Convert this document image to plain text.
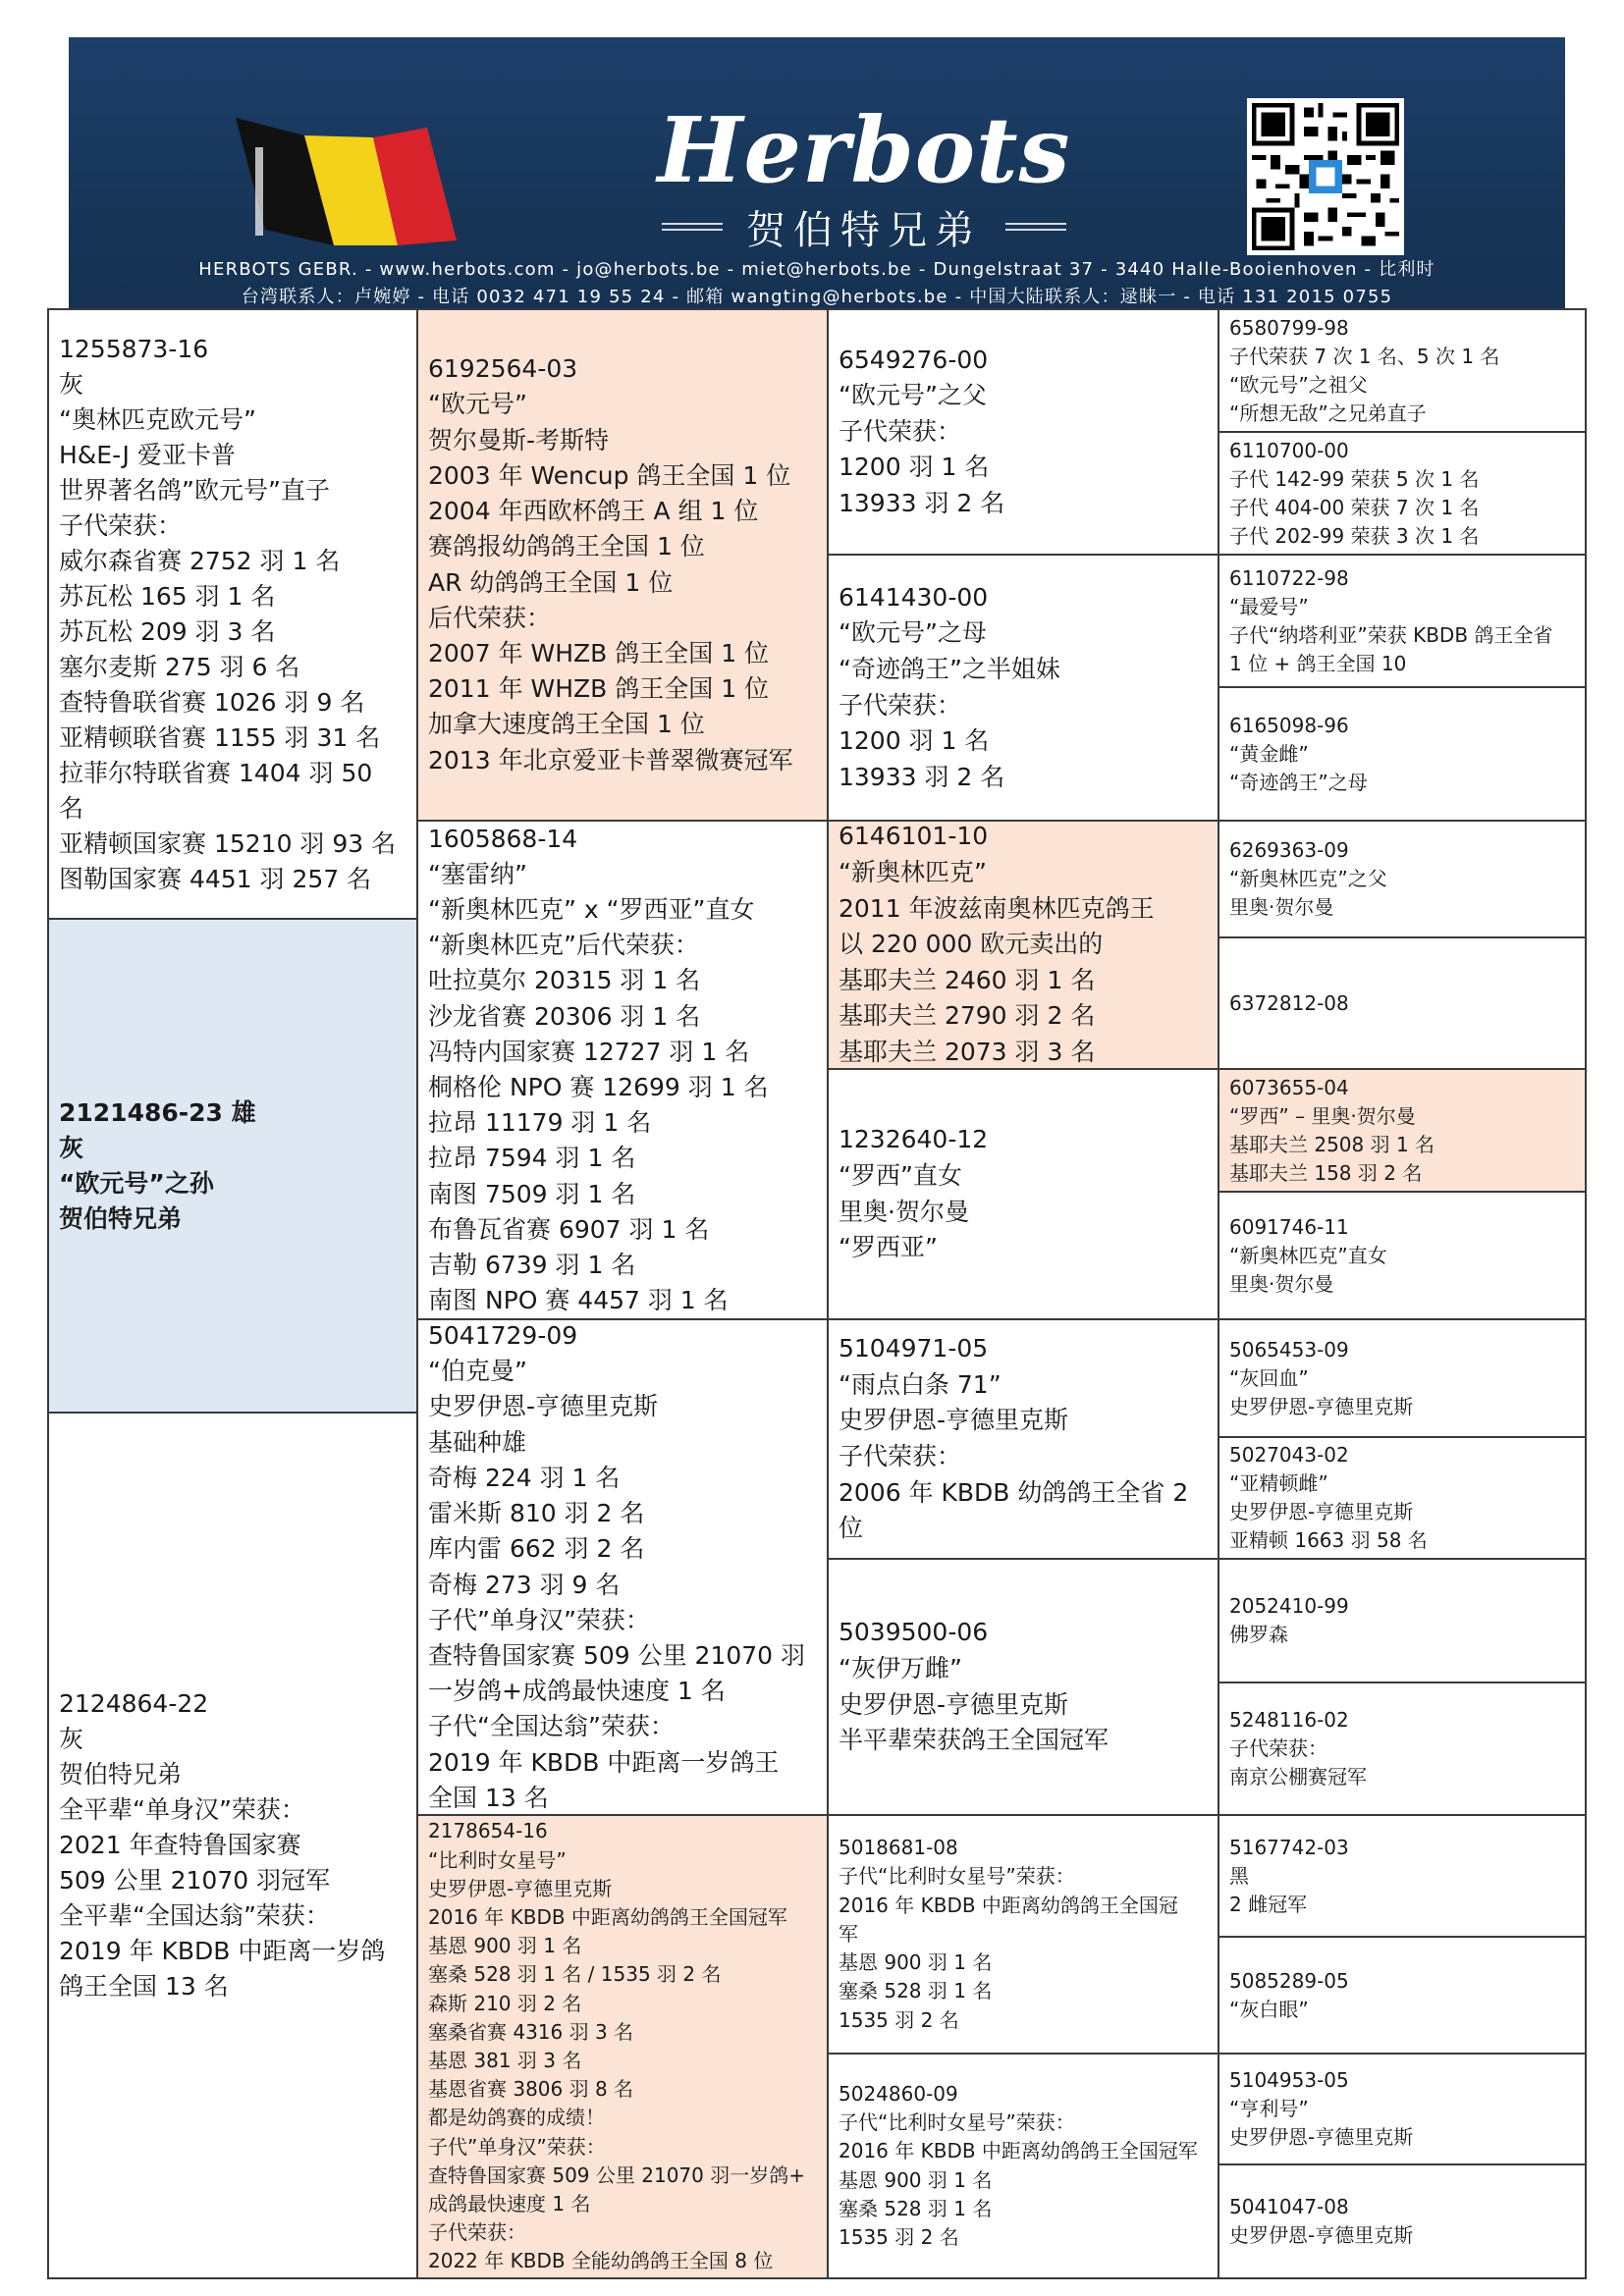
Herbots
贺伯特兄弟
HERBOTS GEBR. - www.herbots.com - jo@herbots.be - miet@herbots.be - Dungelstraat 37 - 3440 Halle-Booienhoven - 比利时
台湾联系人：卢婉婷 - 电话 0032 471 19 55 24 - 邮箱 wangting@herbots.be - 中国大陆联系人：逯睐一 - 电话 131 2015 0755
1255873-16
灰
“奥林匹克欧元号”
H&E-J 爱亚卡普
世界著名鸽”欧元号”直子
子代荣获：
威尔森省赛 2752 羽 1 名
苏瓦松 165 羽 1 名
苏瓦松 209 羽 3 名
塞尔麦斯 275 羽 6 名
查特鲁联省赛 1026 羽 9 名
亚精顿联省赛 1155 羽 31 名
拉菲尔特联省赛 1404 羽 50
名
亚精顿国家赛 15210 羽 93 名
图勒国家赛 4451 羽 257 名
2121486-23 雄
灰
“欧元号”之孙
贺伯特兄弟
2124864-22
灰
贺伯特兄弟
全平辈“单身汉”荣获：
2021 年查特鲁国家赛
509 公里 21070 羽冠军
全平辈“全国达翁”荣获：
2019 年 KBDB 中距离一岁鸽
鸽王全国 13 名
6192564-03
“欧元号”
贺尔曼斯-考斯特
2003 年 Wencup 鸽王全国 1 位
2004 年西欧杯鸽王 A 组 1 位
赛鸽报幼鸽鸽王全国 1 位
AR 幼鸽鸽王全国 1 位
后代荣获：
2007 年 WHZB 鸽王全国 1 位
2011 年 WHZB 鸽王全国 1 位
加拿大速度鸽王全国 1 位
2013 年北京爱亚卡普翠微赛冠军
1605868-14
“塞雷纳”
“新奥林匹克” x “罗西亚”直女
“新奥林匹克”后代荣获：
吐拉莫尔 20315 羽 1 名
沙龙省赛 20306 羽 1 名
冯特内国家赛 12727 羽 1 名
桐格伦 NPO 赛 12699 羽 1 名
拉昂 11179 羽 1 名
拉昂 7594 羽 1 名
南图 7509 羽 1 名
布鲁瓦省赛 6907 羽 1 名
吉勒 6739 羽 1 名
南图 NPO 赛 4457 羽 1 名
5041729-09
“伯克曼”
史罗伊恩-亨德里克斯
基础种雄
奇梅 224 羽 1 名
雷米斯 810 羽 2 名
库内雷 662 羽 2 名
奇梅 273 羽 9 名
子代”单身汉”荣获：
查特鲁国家赛 509 公里 21070 羽
一岁鸽+成鸽最快速度 1 名
子代“全国达翁”荣获：
2019 年 KBDB 中距离一岁鸽王
全国 13 名
2178654-16
“比利时女星号”
史罗伊恩-亨德里克斯
2016 年 KBDB 中距离幼鸽鸽王全国冠军
基恩 900 羽 1 名
塞桑 528 羽 1 名 / 1535 羽 2 名
森斯 210 羽 2 名
塞桑省赛 4316 羽 3 名
基恩 381 羽 3 名
基恩省赛 3806 羽 8 名
都是幼鸽赛的成绩！
子代”单身汉”荣获：
查特鲁国家赛 509 公里 21070 羽一岁鸽+
成鸽最快速度 1 名
子代荣获：
2022 年 KBDB 全能幼鸽鸽王全国 8 位
6549276-00
“欧元号”之父
子代荣获：
1200 羽 1 名
13933 羽 2 名
6141430-00
“欧元号”之母
“奇迹鸽王”之半姐妹
子代荣获：
1200 羽 1 名
13933 羽 2 名
6146101-10
“新奥林匹克”
2011 年波兹南奥林匹克鸽王
以 220 000 欧元卖出的
基耶夫兰 2460 羽 1 名
基耶夫兰 2790 羽 2 名
基耶夫兰 2073 羽 3 名
1232640-12
“罗西”直女
里奥·贺尔曼
“罗西亚”
5104971-05
“雨点白条 71”
史罗伊恩-亨德里克斯
子代荣获：
2006 年 KBDB 幼鸽鸽王全省 2
位
5039500-06
“灰伊万雌”
史罗伊恩-亨德里克斯
半平辈荣获鸽王全国冠军
5018681-08
子代“比利时女星号”荣获：
2016 年 KBDB 中距离幼鸽鸽王全国冠
军
基恩 900 羽 1 名
塞桑 528 羽 1 名
1535 羽 2 名
5024860-09
子代“比利时女星号”荣获：
2016 年 KBDB 中距离幼鸽鸽王全国冠军
基恩 900 羽 1 名
塞桑 528 羽 1 名
1535 羽 2 名
6580799-98
子代荣获 7 次 1 名、5 次 1 名
“欧元号”之祖父
“所想无敌”之兄弟直子
6110700-00
子代 142-99 荣获 5 次 1 名
子代 404-00 荣获 7 次 1 名
子代 202-99 荣获 3 次 1 名
6110722-98
“最爱号”
子代“纳塔利亚”荣获 KBDB 鸽王全省
1 位 + 鸽王全国 10
6165098-96
“黄金雌”
“奇迹鸽王”之母
6269363-09
“新奥林匹克”之父
里奥·贺尔曼
6372812-08
6073655-04
“罗西” – 里奥·贺尔曼
基耶夫兰 2508 羽 1 名
基耶夫兰 158 羽 2 名
6091746-11
“新奥林匹克”直女
里奥·贺尔曼
5065453-09
“灰回血”
史罗伊恩-亨德里克斯
5027043-02
“亚精顿雌”
史罗伊恩-亨德里克斯
亚精顿 1663 羽 58 名
2052410-99
佛罗森
5248116-02
子代荣获：
南京公棚赛冠军
5167742-03
黑
2 雌冠军
5085289-05
“灰白眼”
5104953-05
“亨利号”
史罗伊恩-亨德里克斯
5041047-08
史罗伊恩-亨德里克斯
